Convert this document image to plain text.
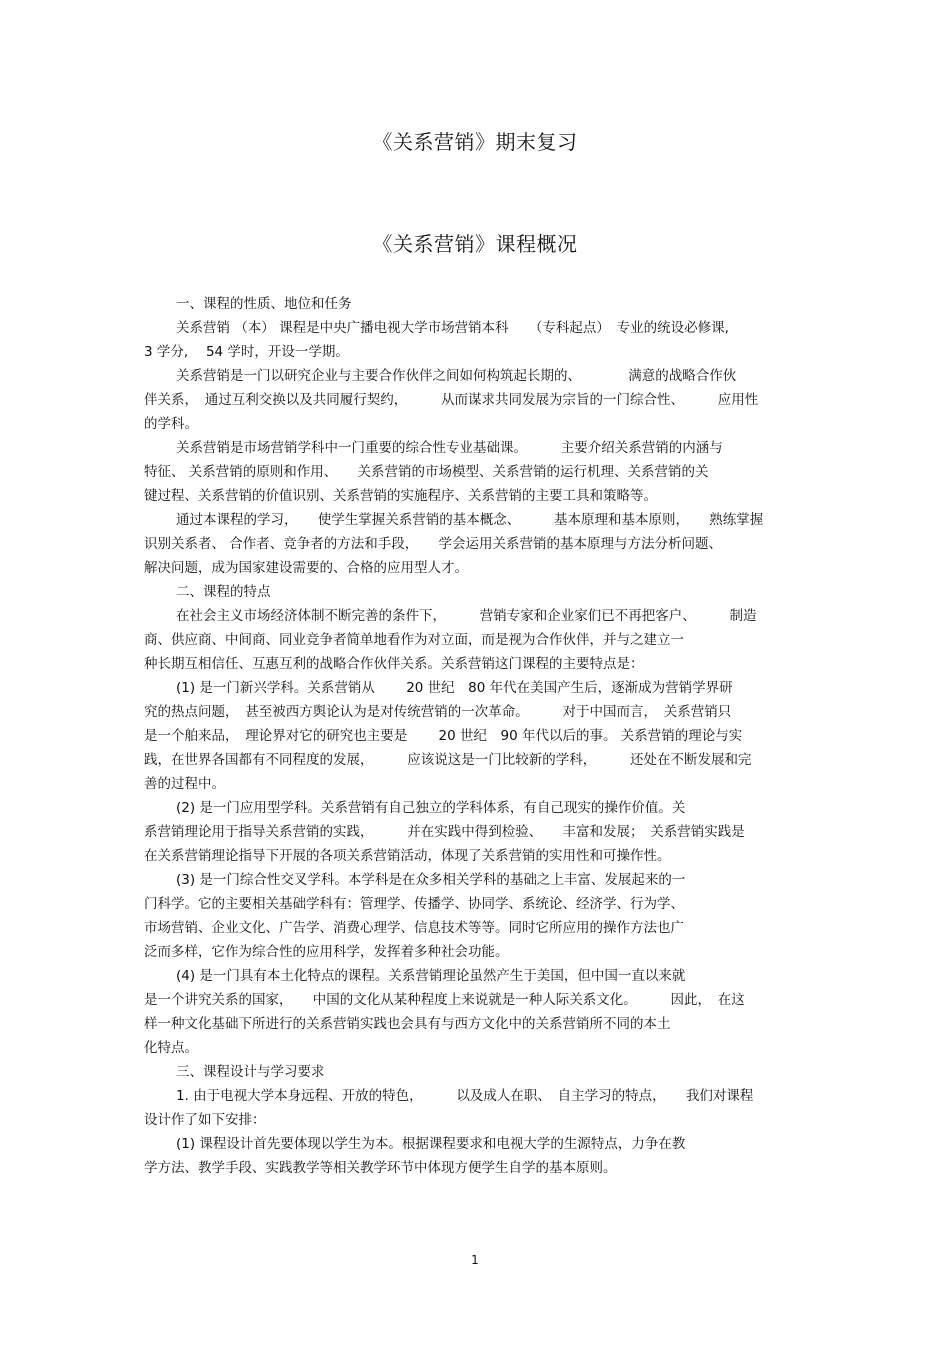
《关系营销》期末复习
《关系营销》课程概况
一、课程的性质、地位和任务
关系营销 （本） 课程是中央广播电视大学市场营销本科　　（专科起点）　专业的统设必修课,
3 学分,　 54 学时，开设一学期。
关系营销是一门以研究企业与主要合作伙伴之间如何构筑起长期的、　　　　满意的战略合作伙
伴关系，　通过互利交换以及共同履行契约，　　　从而谋求共同发展为宗旨的一门综合性、　　　应用性
的学科。
关系营销是市场营销学科中一门重要的综合性专业基础课。　　　主要介绍关系营销的内涵与
特征、 关系营销的原则和作用、　　关系营销的市场模型、关系营销的运行机理、关系营销的关
键过程、关系营销的价值识别、关系营销的实施程序、关系营销的主要工具和策略等。
通过本课程的学习，　　使学生掌握关系营销的基本概念、　　　基本原理和基本原则，　　熟练掌握
识别关系者、 合作者、竞争者的方法和手段，　　学会运用关系营销的基本原理与方法分析问题、
解决问题，成为国家建设需要的、合格的应用型人才。
二、课程的特点
在社会主义市场经济体制不断完善的条件下，　　　营销专家和企业家们已不再把客户、　　　制造
商、供应商、中间商、同业竞争者简单地看作为对立面，而是视为合作伙伴，并与之建立一
种长期互相信任、互惠互利的战略合作伙伴关系。关系营销这门课程的主要特点是：
(1) 是一门新兴学科。关系营销从　　 20 世纪　80 年代在美国产生后，逐渐成为营销学界研
究的热点问题，　甚至被西方舆论认为是对传统营销的一次革命。　　　对于中国而言，　关系营销只
是一个舶来品，　理论界对它的研究也主要是　　 20 世纪　90 年代以后的事。 关系营销的理论与实
践，在世界各国都有不同程度的发展，　　　应该说这是一门比较新的学科，　　　还处在不断发展和完
善的过程中。
(2) 是一门应用型学科。关系营销有自己独立的学科体系，有自己现实的操作价值。关
系营销理论用于指导关系营销的实践，　　　并在实践中得到检验、　　丰富和发展；　关系营销实践是
在关系营销理论指导下开展的各项关系营销活动，体现了关系营销的实用性和可操作性。
(3) 是一门综合性交叉学科。本学科是在众多相关学科的基础之上丰富、发展起来的一
门科学。它的主要相关基础学科有：管理学、传播学、协同学、系统论、经济学、行为学、
市场营销、企业文化、广告学、消费心理学、信息技术等等。同时它所应用的操作方法也广
泛而多样，它作为综合性的应用科学，发挥着多种社会功能。
(4) 是一门具有本土化特点的课程。关系营销理论虽然产生于美国，但中国一直以来就
是一个讲究关系的国家，　　中国的文化从某种程度上来说就是一种人际关系文化。　　　因此，　在这
样一种文化基础下所进行的关系营销实践也会具有与西方文化中的关系营销所不同的本土
化特点。
三、课程设计与学习要求
1. 由于电视大学本身远程、开放的特色，　　　以及成人在职、　自主学习的特点，　　我们对课程
设计作了如下安排：
(1) 课程设计首先要体现以学生为本。根据课程要求和电视大学的生源特点，力争在教
学方法、教学手段、实践教学等相关教学环节中体现方便学生自学的基本原则。
1
